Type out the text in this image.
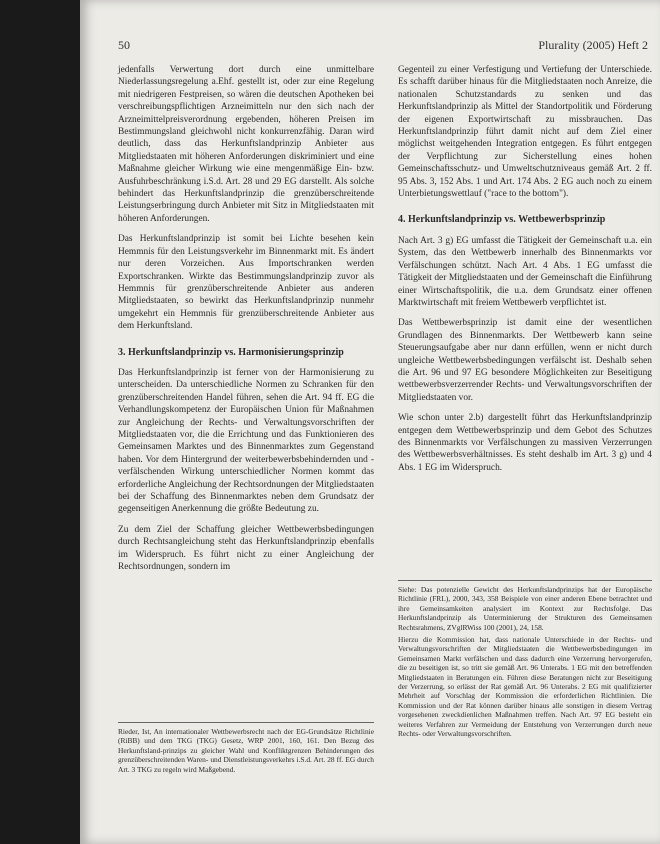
50	Plurality (2005) Heft 2

jedenfalls Verwertung dort durch eine unmittelbare Niederlassungsregelung a.Ehf. gestellt ist, oder zur eine Regelung mit niedrigeren Festpreisen, so wären die deutschen Apotheken bei verschreibungspflichtigen Arzneimitteln nur den sich nach der Arzneimittelpreisverordnung ergebenden, höheren Preisen im Bestimmungsland gleichwohl nicht konkurrenzfähig. Daran wird deutlich, dass das Herkunftslandprinzip Anbieter aus Mitgliedstaaten mit höheren Anforderungen diskriminiert und eine Maßnahme gleicher Wirkung wie eine mengenmäßige Ein- bzw. Ausfuhrbeschränkung i.S.d. Art. 28 und 29 EG darstellt. Als solche behindert das Herkunftslandprinzip die grenzüberschreitende Leistungserbringung durch Anbieter mit Sitz in Mitgliedstaaten mit höheren Anforderungen.

Das Herkunftslandprinzip ist somit bei Lichte besehen kein Hemmnis für den Leistungsverkehr im Binnenmarkt mit. Es ändert nur deren Vorzeichen. Aus Importschranken werden Exportschranken. Wirkte das Bestimmungslandprinzip zuvor als Hemmnis für grenzüberschreitende Anbieter aus anderen Mitgliedstaaten, so bewirkt das Herkunftslandprinzip nunmehr umgekehrt ein Hemmnis für grenzüberschreitende Anbieter aus dem Herkunftsland.

3. Herkunftslandprinzip vs. Harmonisierungsprinzip

Das Herkunftslandprinzip ist ferner von der Harmonisierung zu unterscheiden. Da unterschiedliche Normen zu Schranken für den grenzüberschreitenden Handel führen, sehen die Art. 94 ff. EG die Verhandlungskompetenz der Europäischen Union für Maßnahmen zur Angleichung der Rechts- und Verwaltungsvorschriften der Mitgliedstaaten vor, die die Errichtung und das Funktionieren des Gemeinsamen Marktes und des Binnenmarktes zum Gegenstand haben. Vor dem Hintergrund der weiterbewerbsbehindernden und -verfälschenden Wirkung unterschiedlicher Normen kommt das erforderliche Angleichung der Rechtsordnungen der Mitgliedstaaten bei der Schaffung des Binnenmarktes neben dem Grundsatz der gegenseitigen Anerkennung die größte Bedeutung zu.

Zu dem Ziel der Schaffung gleicher Wettbewerbsbedingungen durch Rechtsangleichung steht das Herkunftslandprinzip ebenfalls im Widerspruch. Es führt nicht zu einer Angleichung der Rechtsordnungen, sondern im

Rieder, Ist, An internationaler Wettbewerbsrecht nach der EG-Grundsätze Richtlinie (RiBB) und dem TKG (TKG) Gesetz, WRP 2001, 160, 161. Den Bezug des Herkunftsland-prinzips zu gleicher Wahl und Konfliktgrenzen Behinderungen des grenzüberschreitenden Waren- und Dienstleistungsverkehrs i.S.d. Art. 28 ff. EG durch Art. 3 TKG zu regeln wird Maßgebend.

Gegenteil zu einer Verfestigung und Vertiefung der Unterschiede. Es schafft darüber hinaus für die Mitgliedstaaten noch Anreize, die nationalen Schutzstandards zu senken und das Herkunftslandprinzip als Mittel der Standortpolitik und Förderung der eigenen Exportwirtschaft zu missbrauchen. Das Herkunftslandprinzip führt damit nicht auf dem Ziel einer möglichst weitgehenden Integration entgegen. Es führt entgegen der Verpflichtung zur Sicherstellung eines hohen Gemeinschaftsschutz- und Umweltschutzniveaus gemäß Art. 2 ff. 95 Abs. 3, 152 Abs. 1 und Art. 174 Abs. 2 EG auch noch zu einem Unterbietungswettlauf ("race to the bottom").

4. Herkunftslandprinzip vs. Wettbewerbsprinzip

Nach Art. 3 g) EG umfasst die Tätigkeit der Gemeinschaft u.a. ein System, das den Wettbewerb innerhalb des Binnenmarkts vor Verfälschungen schützt. Nach Art. 4 Abs. 1 EG umfasst die Tätigkeit der Mitgliedstaaten und der Gemeinschaft die Einführung einer Wirtschaftspolitik, die u.a. dem Grundsatz einer offenen Marktwirtschaft mit freiem Wettbewerb verpflichtet ist.

Das Wettbewerbsprinzip ist damit eine der wesentlichen Grundlagen des Binnenmarkts. Der Wettbewerb kann seine Steuerungsaufgabe aber nur dann erfüllen, wenn er nicht durch ungleiche Wettbewerbsbedingungen verfälscht ist. Deshalb sehen die Art. 96 und 97 EG besondere Möglichkeiten zur Beseitigung wettbewerbsverzerrender Rechts- und Verwaltungsvorschriften der Mitgliedstaaten vor.

Wie schon unter 2.b) dargestellt führt das Herkunftslandprinzip entgegen dem Wettbewerbsprinzip und dem Gebot des Schutzes des Binnenmarkts vor Verfälschungen zu massiven Verzerrungen des Wettbewerbsverhältnisses. Es steht deshalb im Art. 3 g) und 4 Abs. 1 EG im Widerspruch.

Siehe: Das potenzielle Gewicht des Herkunftslandprinzips hat der Europäische Richtlinie (FRL), 2000, 343, 358 Beispiele von einer anderen Ebene betrachtet und ihre Gemeinsamkeiten analysiert im Kontext zur Rechtsfolge. Das Herkunftslandprinzip als Unterminierung der Strukturen des Gemeinsamen Rechtsrahmens, ZVglRWiss 100 (2001), 24, 158.

Hierzu die Kommission hat, dass nationale Unterschiede in der Rechts- und Verwaltungsvorschriften der Mitgliedstaaten die Wettbewerbsbedingungen im Gemeinsamen Markt verfälschen und dass dadurch eine Verzerrung hervorgerufen, die zu beseitigen ist, so tritt sie gemäß Art. 96 Unterabs. 1 EG mit den betreffenden Mitgliedstaaten in Beratungen ein. Führen diese Beratungen nicht zur Beseitigung der Verzerrung, so erlässt der Rat gemäß Art. 96 Unterabs. 2 EG mit qualifizierter Mehrheit auf Vorschlag der Kommission die erforderlichen Richtlinien. Die Kommission und der Rat können darüber hinaus alle sonstigen in diesem Vertrag vorgesehenen zweckdienlichen Maßnahmen treffen. Nach Art. 97 EG besteht ein weiteres Verfahren zur Vermeidung der Entstehung von Verzerrungen durch neue Rechts- oder Verwaltungsvorschriften.
